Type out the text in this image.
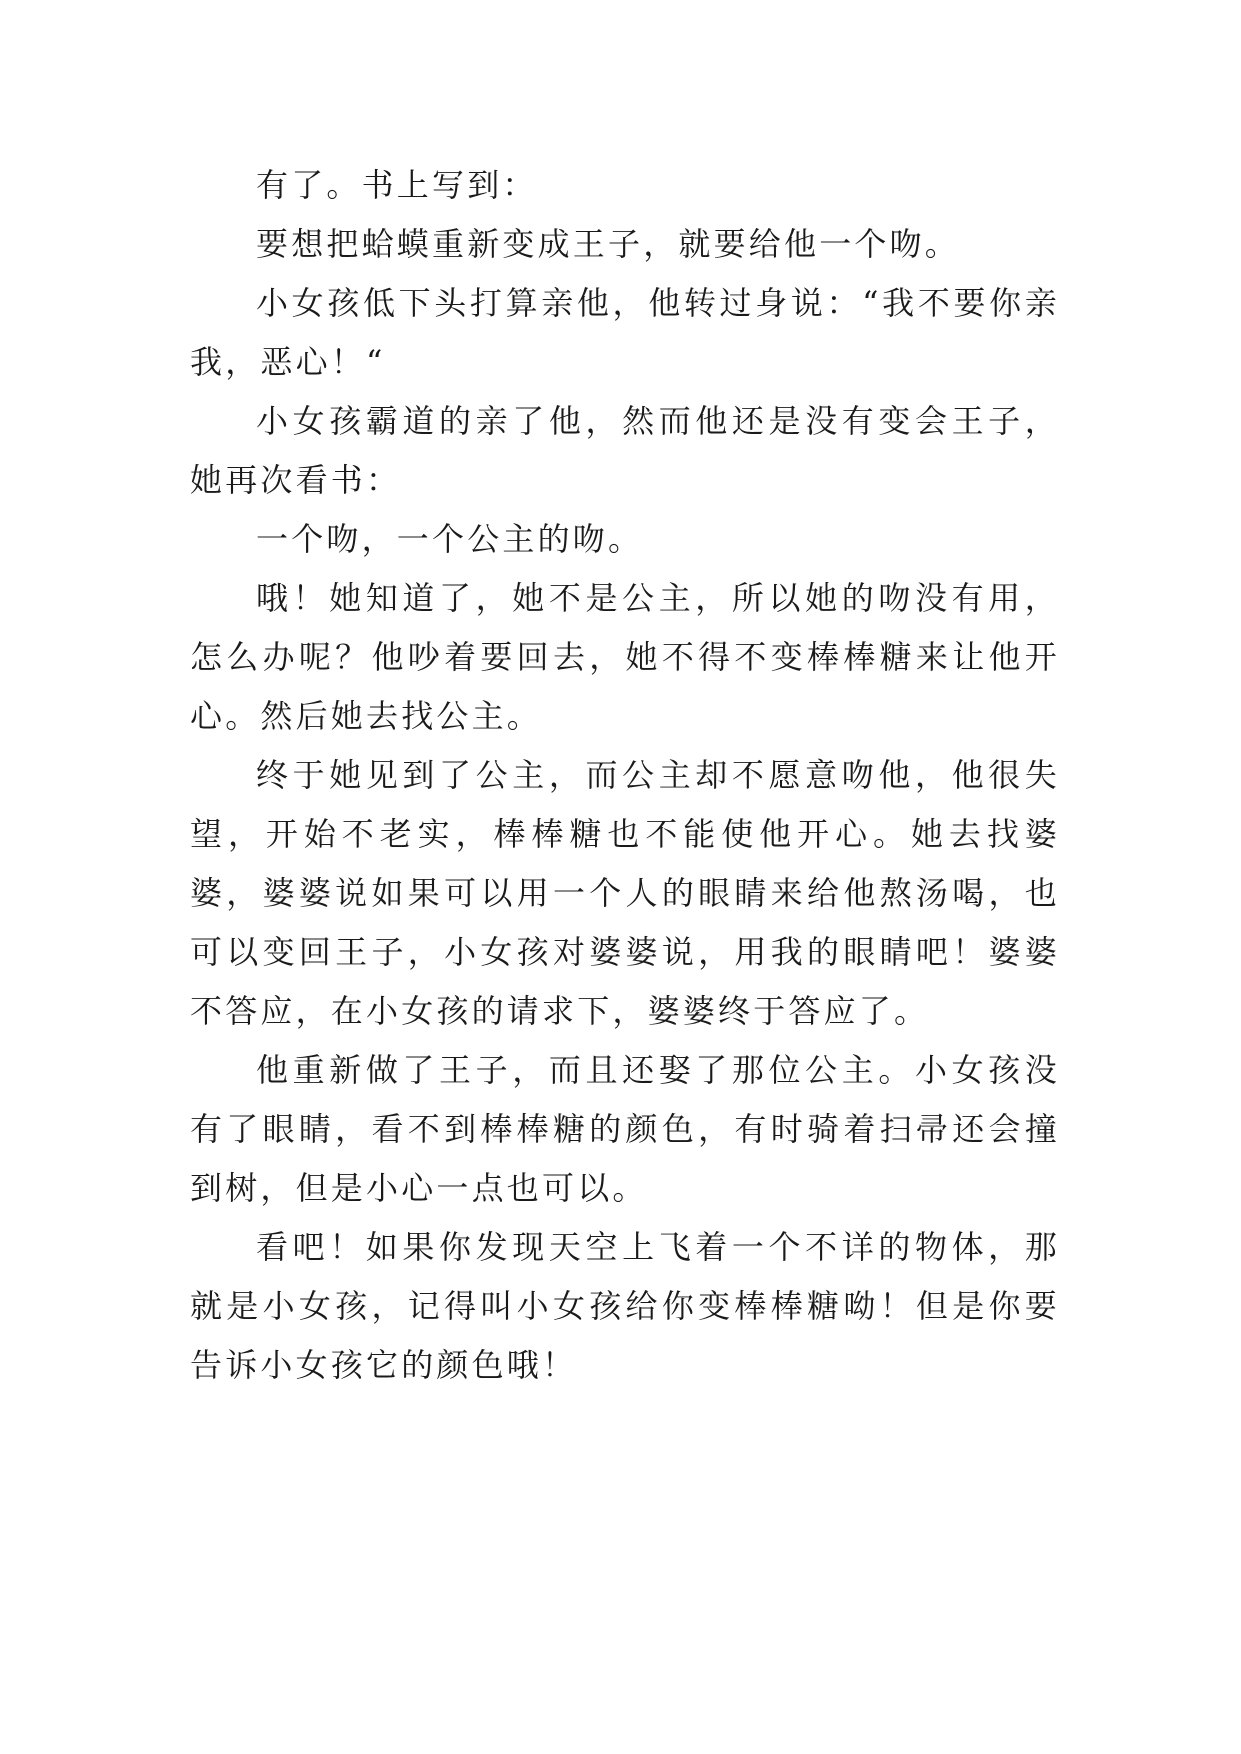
有了。书上写到：

要想把蛤蟆重新变成王子，就要给他一个吻。

小女孩低下头打算亲他，他转过身说：“我不要你亲我，恶心！“

小女孩霸道的亲了他，然而他还是没有变会王子，她再次看书：

一个吻，一个公主的吻。

哦！她知道了，她不是公主，所以她的吻没有用，怎么办呢？他吵着要回去，她不得不变棒棒糖来让他开心。然后她去找公主。

终于她见到了公主，而公主却不愿意吻他，他很失望，开始不老实，棒棒糖也不能使他开心。她去找婆婆，婆婆说如果可以用一个人的眼睛来给他熬汤喝，也可以变回王子，小女孩对婆婆说，用我的眼睛吧！婆婆不答应，在小女孩的请求下，婆婆终于答应了。

他重新做了王子，而且还娶了那位公主。小女孩没有了眼睛，看不到棒棒糖的颜色，有时骑着扫帚还会撞到树，但是小心一点也可以。

看吧！如果你发现天空上飞着一个不详的物体，那就是小女孩，记得叫小女孩给你变棒棒糖呦！但是你要告诉小女孩它的颜色哦！
